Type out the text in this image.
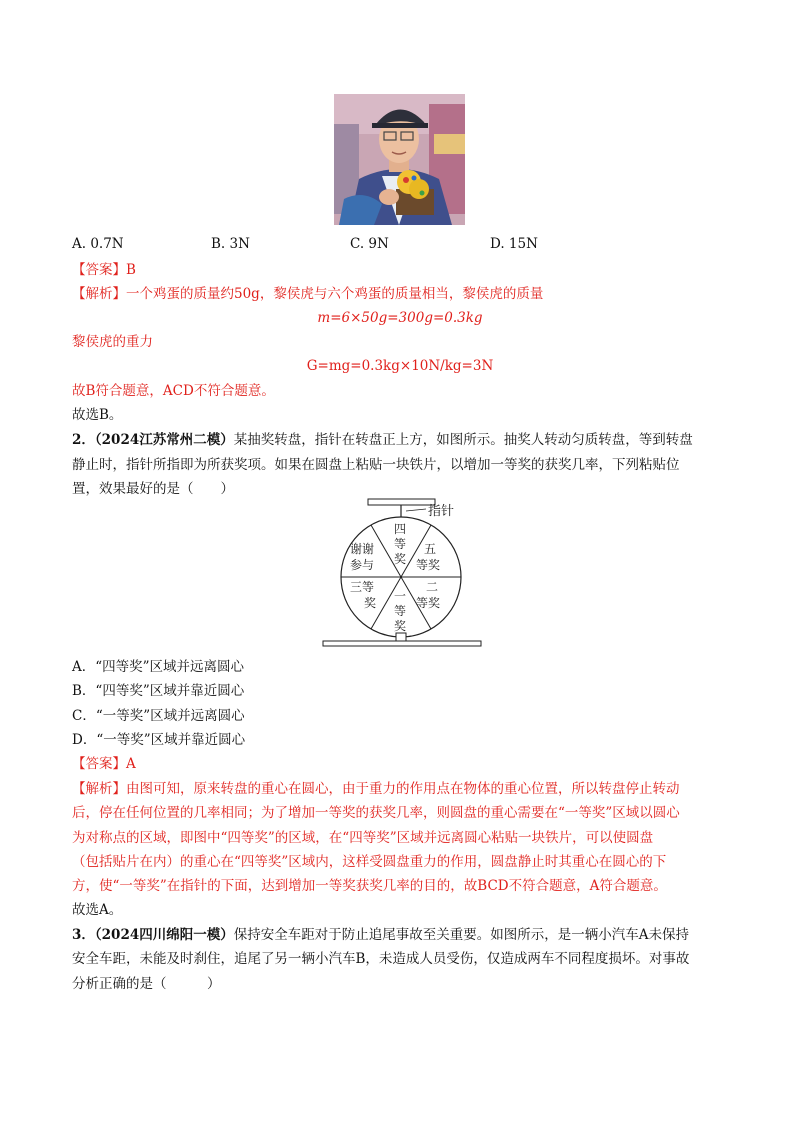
A. 0.7N	B. 3N	C. 9N	D. 15N
【答案】B
【解析】一个鸡蛋的质量约50g，黎侯虎与六个鸡蛋的质量相当，黎侯虎的质量
m=6×50g=300g=0.3kg
黎侯虎的重力
G=mg=0.3kg×10N/kg=3N
故B符合题意，ACD不符合题意。
故选B。
2．（2024江苏常州二模）某抽奖转盘，指针在转盘正上方，如图所示。抽奖人转动匀质转盘，等到转盘
静止时，指针所指即为所获奖项。如果在圆盘上粘贴一块铁片，以增加一等奖的获奖几率，下列粘贴位
置，效果最好的是（　　）
指针
四
等
奖
五
等奖
二
等奖
一
等
奖
三等
奖
谢谢
参与
A．“四等奖”区域并远离圆心
B．“四等奖”区域并靠近圆心
C．“一等奖”区域并远离圆心
D．“一等奖”区域并靠近圆心
【答案】A
【解析】由图可知，原来转盘的重心在圆心，由于重力的作用点在物体的重心位置，所以转盘停止转动
后，停在任何位置的几率相同；为了增加一等奖的获奖几率，则圆盘的重心需要在“一等奖”区域以圆心
为对称点的区域，即图中“四等奖”的区域，在“四等奖”区域并远离圆心粘贴一块铁片，可以使圆盘
（包括贴片在内）的重心在“四等奖”区域内，这样受圆盘重力的作用，圆盘静止时其重心在圆心的下
方，使“一等奖”在指针的下面，达到增加一等奖获奖几率的目的，故BCD不符合题意，A符合题意。
故选A。
3．（2024四川绵阳一模）保持安全车距对于防止追尾事故至关重要。如图所示，是一辆小汽车A未保持
安全车距，未能及时刹住，追尾了另一辆小汽车B，未造成人员受伤，仅造成两车不同程度损坏。对事故
分析正确的是（　　　）
